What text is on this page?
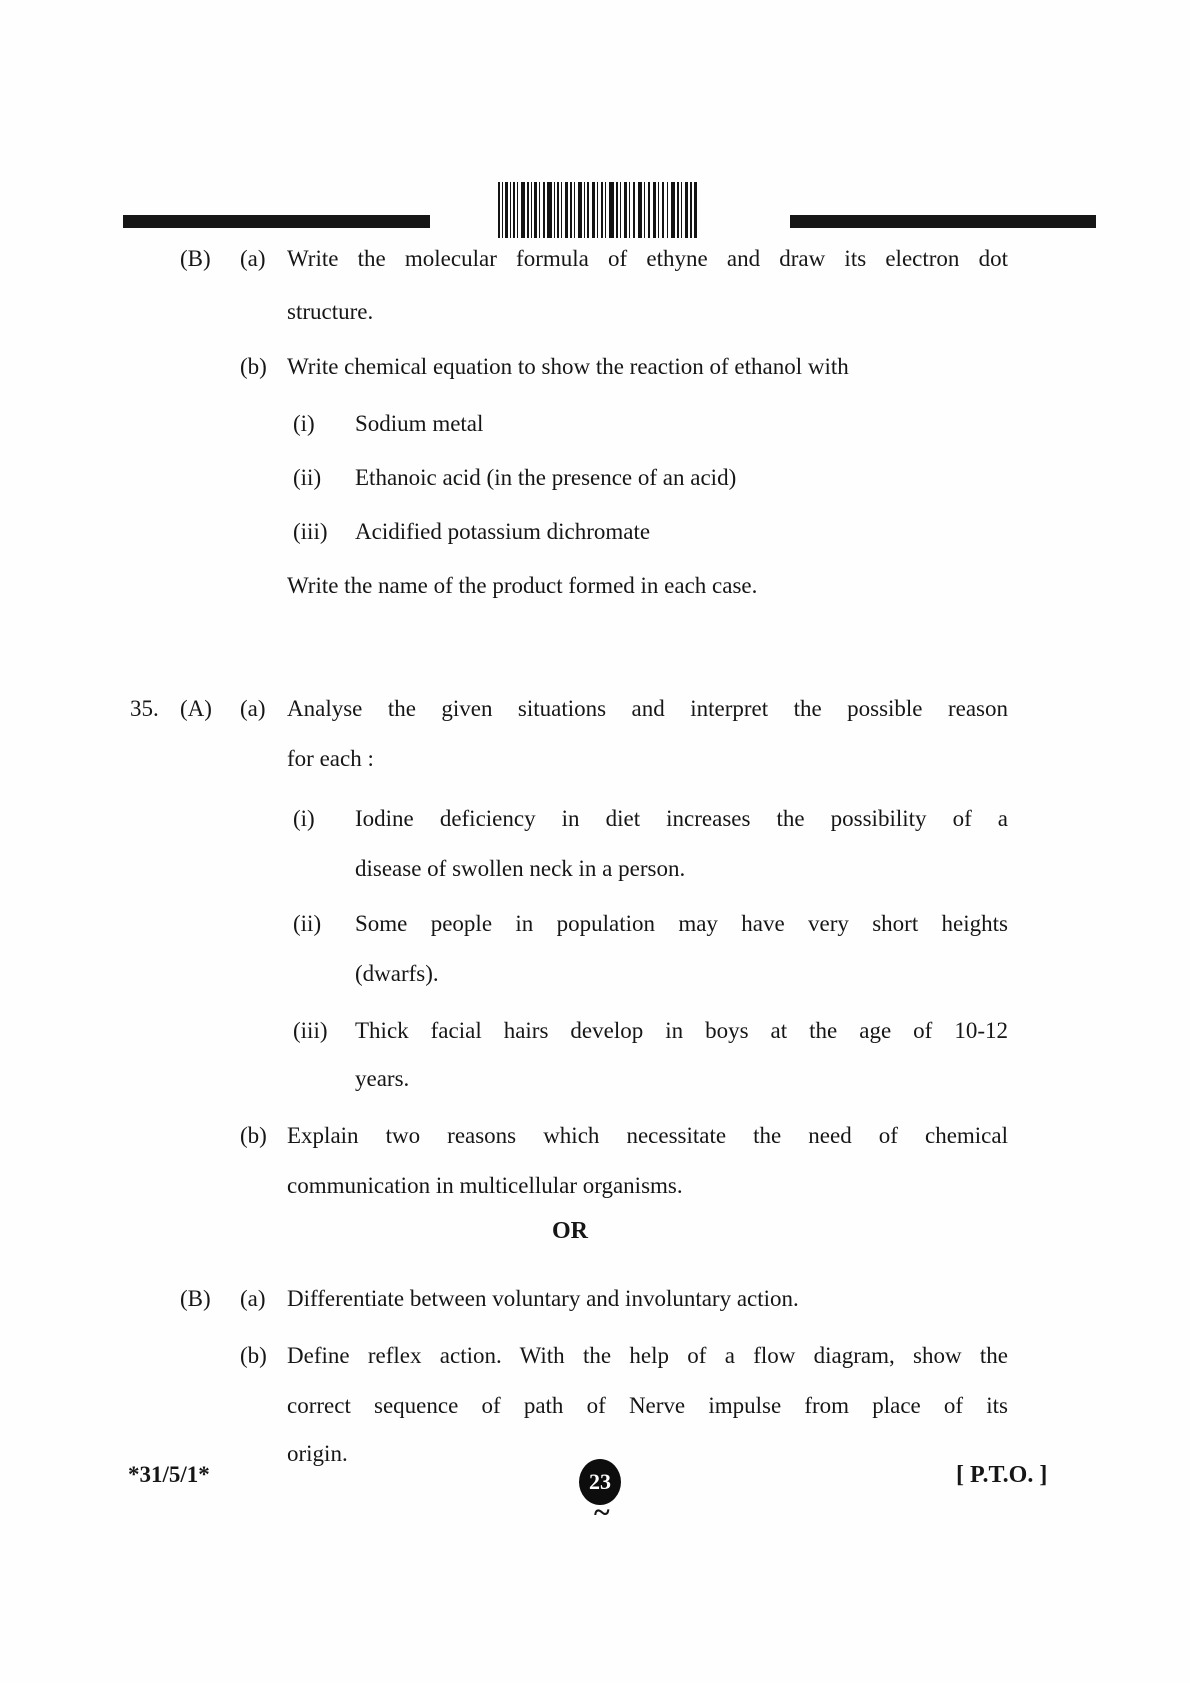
(B) (a) Write the molecular formula of ethyne and draw its electron dot
structure.
(b) Write chemical equation to show the reaction of ethanol with
(i) Sodium metal
(ii) Ethanoic acid (in the presence of an acid)
(iii) Acidified potassium dichromate
Write the name of the product formed in each case.
35. (A) (a) Analyse the given situations and interpret the possible reason
for each :
(i) Iodine deficiency in diet increases the possibility of a
disease of swollen neck in a person.
(ii) Some people in population may have very short heights
(dwarfs).
(iii) Thick facial hairs develop in boys at the age of 10-12
years.
(b) Explain two reasons which necessitate the need of chemical
communication in multicellular organisms.
OR
(B) (a) Differentiate between voluntary and involuntary action.
(b) Define reflex action. With the help of a flow diagram, show the
correct sequence of path of Nerve impulse from place of its
origin.
*31/5/1*	23	[ P.T.O. ]
~
